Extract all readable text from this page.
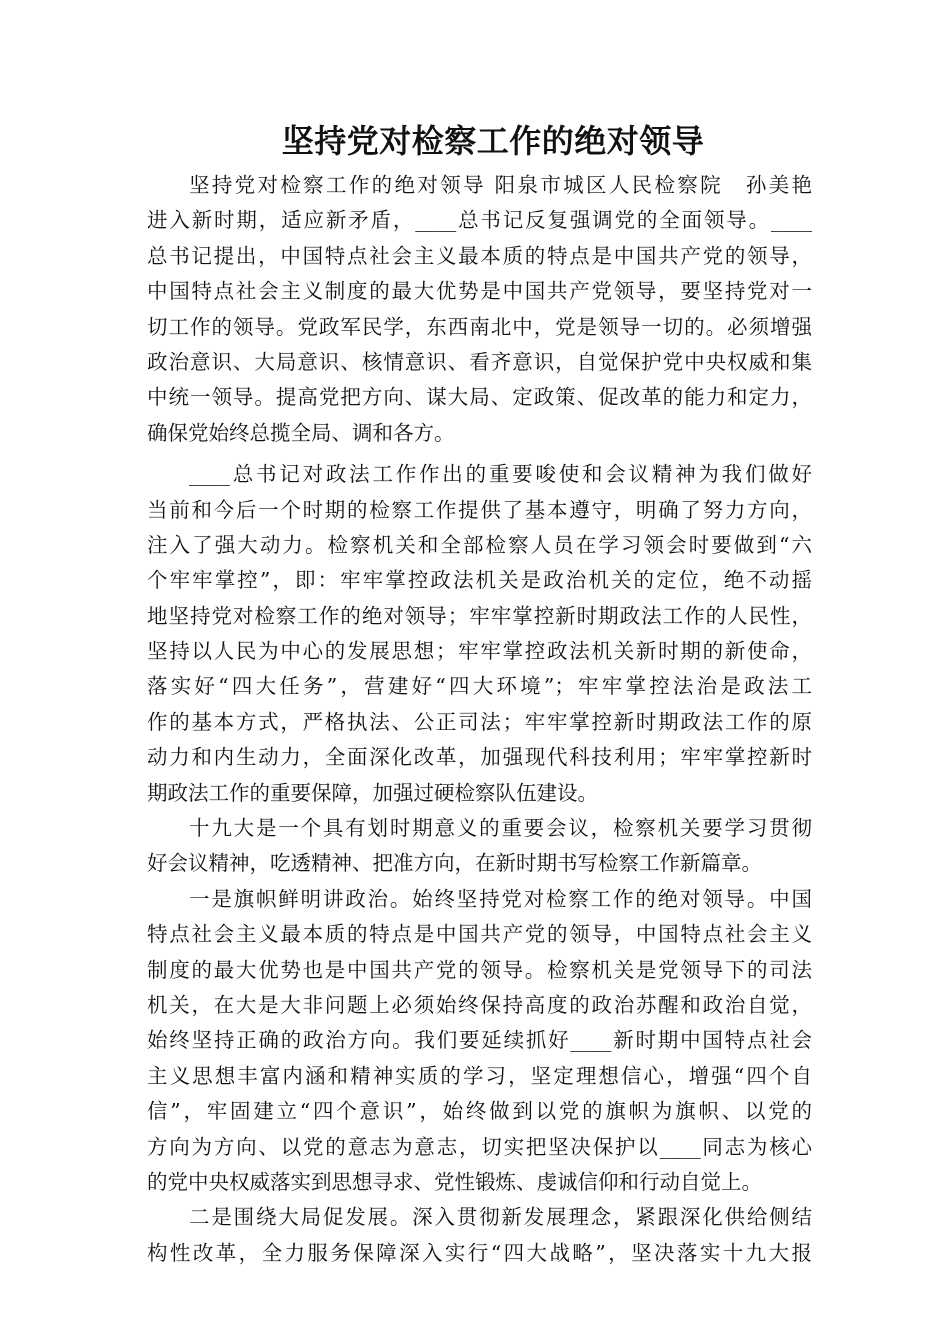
坚持党对检察工作的绝对领导
坚持党对检察工作的绝对领导 阳泉市城区人民检察院　孙美艳
进入新时期，适应新矛盾，____总书记反复强调党的全面领导。____
总书记提出，中国特点社会主义最本质的特点是中国共产党的领导，
中国特点社会主义制度的最大优势是中国共产党领导，要坚持党对一
切工作的领导。党政军民学，东西南北中，党是领导一切的。必须增强
政治意识、大局意识、核情意识、看齐意识，自觉保护党中央权威和集
中统一领导。提高党把方向、谋大局、定政策、促改革的能力和定力，
确保党始终总揽全局、调和各方。
____总书记对政法工作作出的重要唆使和会议精神为我们做好
当前和今后一个时期的检察工作提供了基本遵守，明确了努力方向，
注入了强大动力。检察机关和全部检察人员在学习领会时要做到“六
个牢牢掌控”，即：牢牢掌控政法机关是政治机关的定位，绝不动摇
地坚持党对检察工作的绝对领导；牢牢掌控新时期政法工作的人民性，
坚持以人民为中心的发展思想；牢牢掌控政法机关新时期的新使命，
落实好“四大任务”，营建好“四大环境”；牢牢掌控法治是政法工
作的基本方式，严格执法、公正司法；牢牢掌控新时期政法工作的原
动力和内生动力，全面深化改革，加强现代科技利用；牢牢掌控新时
期政法工作的重要保障，加强过硬检察队伍建设。
十九大是一个具有划时期意义的重要会议，检察机关要学习贯彻
好会议精神，吃透精神、把准方向，在新时期书写检察工作新篇章。
一是旗帜鲜明讲政治。始终坚持党对检察工作的绝对领导。中国
特点社会主义最本质的特点是中国共产党的领导，中国特点社会主义
制度的最大优势也是中国共产党的领导。检察机关是党领导下的司法
机关，在大是大非问题上必须始终保持高度的政治苏醒和政治自觉，
始终坚持正确的政治方向。我们要延续抓好____新时期中国特点社会
主义思想丰富内涵和精神实质的学习，坚定理想信心，增强“四个自
信”，牢固建立“四个意识”，始终做到以党的旗帜为旗帜、以党的
方向为方向、以党的意志为意志，切实把坚决保护以____同志为核心
的党中央权威落实到思想寻求、党性锻炼、虔诚信仰和行动自觉上。
二是围绕大局促发展。深入贯彻新发展理念，紧跟深化供给侧结
构性改革，全力服务保障深入实行“四大战略”，坚决落实十九大报
